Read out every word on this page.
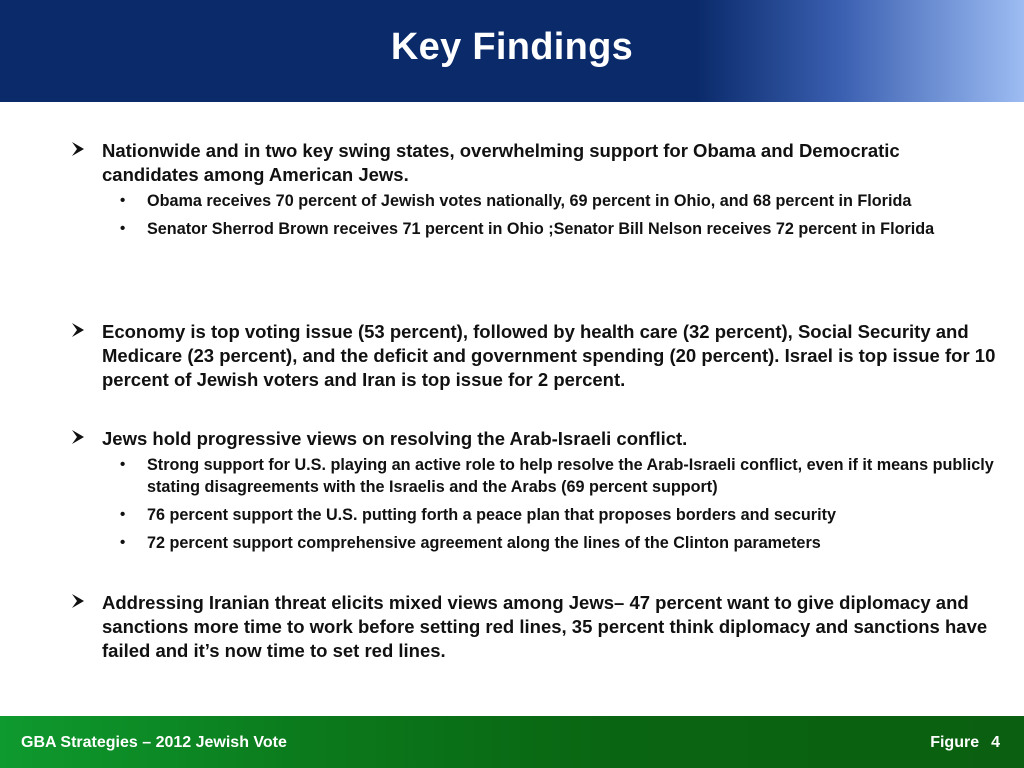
Key Findings
Nationwide and in two key swing states, overwhelming support for Obama and Democratic candidates among American Jews.
• Obama receives 70 percent of Jewish votes nationally, 69 percent in Ohio, and 68 percent in Florida
• Senator Sherrod Brown receives 71 percent in Ohio ;Senator Bill Nelson receives 72 percent in Florida
Economy is top voting issue (53 percent), followed by health care (32 percent), Social Security and Medicare (23 percent), and the deficit and government spending (20 percent). Israel is top issue for 10 percent of Jewish voters and Iran is top issue for 2 percent.
Jews hold progressive views on resolving the Arab-Israeli conflict.
• Strong support for U.S. playing an active role to help resolve the Arab-Israeli conflict, even if it means publicly stating disagreements with the Israelis and the Arabs (69 percent support)
• 76 percent support the U.S. putting forth a peace plan that proposes borders and security
• 72 percent support comprehensive agreement along the lines of the Clinton parameters
Addressing Iranian threat elicits mixed views among Jews– 47 percent want to give diplomacy and sanctions more time to work before setting red lines, 35 percent think diplomacy and sanctions have failed and it’s now time to set red lines.
GBA Strategies – 2012 Jewish Vote	Figure 4
